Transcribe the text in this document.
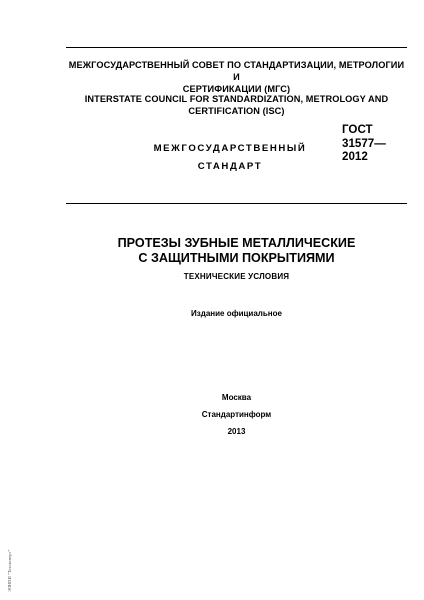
МЕЖГОСУДАРСТВЕННЫЙ СОВЕТ ПО СТАНДАРТИЗАЦИИ, МЕТРОЛОГИИ И
СЕРТИФИКАЦИИ (МГС)
INTERSTATE COUNCIL FOR STANDARDIZATION, METROLOGY AND
CERTIFICATION (ISC)
МЕЖГОСУДАРСТВЕННЫЙ
СТАНДАРТ
ГОСТ
31577—
2012
ПРОТЕЗЫ ЗУБНЫЕ МЕТАЛЛИЧЕСКИЕ
С ЗАЩИТНЫМИ ПОКРЫТИЯМИ
ТЕХНИЧЕСКИЕ УСЛОВИЯ
Издание официальное
Москва
Стандартинформ
2013
ЭЛНПИ "Техэксперт"
